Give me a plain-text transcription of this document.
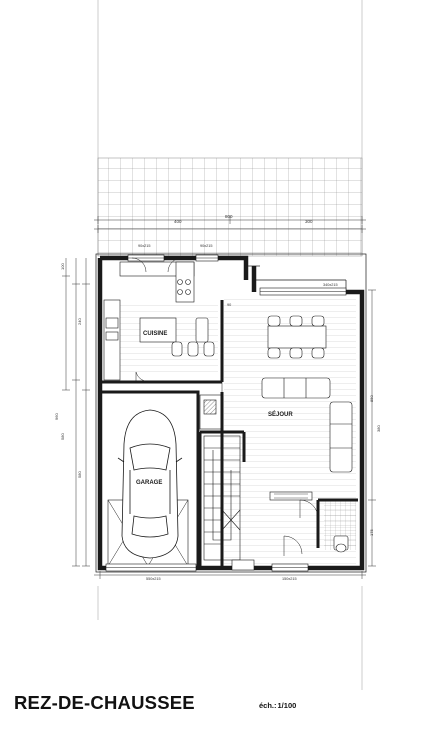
400
800
300
100
240
960
580
580
850
380
175
90x215	90x215
340x215
CUISINE
90
SÉJOUR
GARAGE
550x215	150x215
REZ-DE-CHAUSSEE	éch.:1/100
